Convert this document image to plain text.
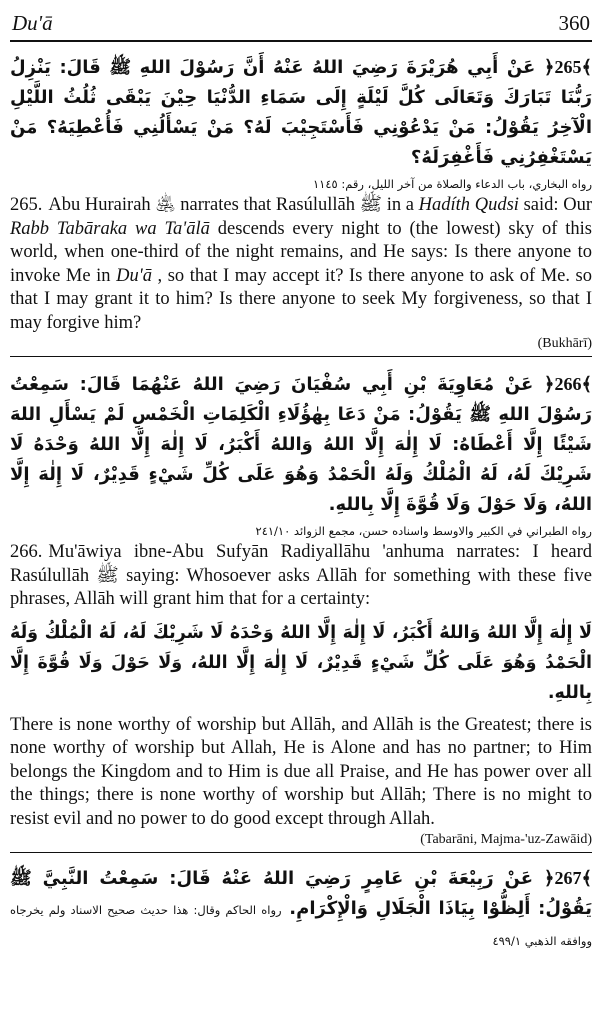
Du'ā	360

﴾265﴿ عَنْ أَبِي هُرَيْرَةَ رَضِيَ اللهُ عَنْهُ أَنَّ رَسُوْلَ اللهِ ﷺ قَالَ: يَنْزِلُ رَبُّنَا تَبَارَكَ وَتَعَالَى كُلَّ لَيْلَةٍ إِلَى سَمَاءِ الدُّنْيَا حِيْنَ يَبْقَى ثُلُثُ اللَّيْلِ الْآخِرُ يَقُوْلُ: مَنْ يَدْعُوْنِي فَأَسْتَجِيْبَ لَهُ؟ مَنْ يَسْأَلُنِي فَأُعْطِيَهُ؟ مَنْ يَسْتَغْفِرُنِي فَأَغْفِرَلَهُ؟

رواه البخاري، باب الدعاء والصلاة من آخر الليل، رقم: ١١٤٥

265. Abu Hurairah ﵁ narrates that Rasúlullāh ﷺ in a Hadíth Qudsi said: Our Rabb Tabāraka wa Ta'ālā descends every night to (the lowest) sky of this world, when one-third of the night remains, and He says: Is there anyone to invoke Me in Du'ā , so that I may accept it? Is there anyone to ask of Me. so that I may grant it to him? Is there anyone to seek My forgiveness, so that I may forgive him?

(Bukhārī)

﴾266﴿ عَنْ مُعَاوِيَةَ بْنِ أَبِي سُفْيَانَ رَضِيَ اللهُ عَنْهُمَا قَالَ: سَمِعْتُ رَسُوْلَ اللهِ ﷺ يَقُوْلُ: مَنْ دَعَا بِهٰؤُلَاءِ الْكَلِمَاتِ الْخَمْسِ لَمْ يَسْأَلِ اللهَ شَيْئًا إِلَّا أَعْطَاهُ: لَا إِلٰهَ إِلَّا اللهُ وَاللهُ أَكْبَرُ، لَا إِلٰهَ إِلَّا اللهُ وَحْدَهُ لَا شَرِيْكَ لَهُ، لَهُ الْمُلْكُ وَلَهُ الْحَمْدُ وَهُوَ عَلَى كُلِّ شَيْءٍ قَدِيْرٌ، لَا إِلٰهَ إِلَّا اللهُ، وَلَا حَوْلَ وَلَا قُوَّةَ إِلَّا بِاللهِ.

رواه الطبراني في الكبير والاوسط واسناده حسن، مجمع الزوائد ٢٤١/١٠

266. Mu'āwiya ibne-Abu Sufyān Radiyallāhu 'anhuma narrates: I heard Rasúlullāh ﷺ saying: Whosoever asks Allāh for something with these five phrases, Allāh will grant him that for a certainty:

لَا إِلٰهَ إِلَّا اللهُ وَاللهُ أَكْبَرُ، لَا إِلٰهَ إِلَّا اللهُ وَحْدَهُ لَا شَرِيْكَ لَهُ، لَهُ الْمُلْكُ وَلَهُ الْحَمْدُ وَهُوَ عَلَى كُلِّ شَيْءٍ قَدِيْرٌ، لَا إِلٰهَ إِلَّا اللهُ، وَلَا حَوْلَ وَلَا قُوَّةَ إِلَّا بِاللهِ.

There is none worthy of worship but Allāh, and Allāh is the Greatest; there is none worthy of worship but Allah, He is Alone and has no partner; to Him belongs the Kingdom and to Him is due all Praise, and He has power over all the things; there is none worthy of worship but Allāh; There is no might to resist evil and no power to do good except through Allah.

(Tabarāni, Majma-'uz-Zawāid)

﴾267﴿ عَنْ رَبِيْعَةَ بْنِ عَامِرٍ رَضِيَ اللهُ عَنْهُ قَالَ: سَمِعْتُ النَّبِيَّ ﷺ يَقُوْلُ: أَلِظُّوْا بِيَاذَا الْجَلَالِ وَالْإِكْرَامِ. رواه الحاكم وقال: هذا حديث صحيح الاسناد ولم يخرجاه ووافقه الذهبي ٤٩٩/١
